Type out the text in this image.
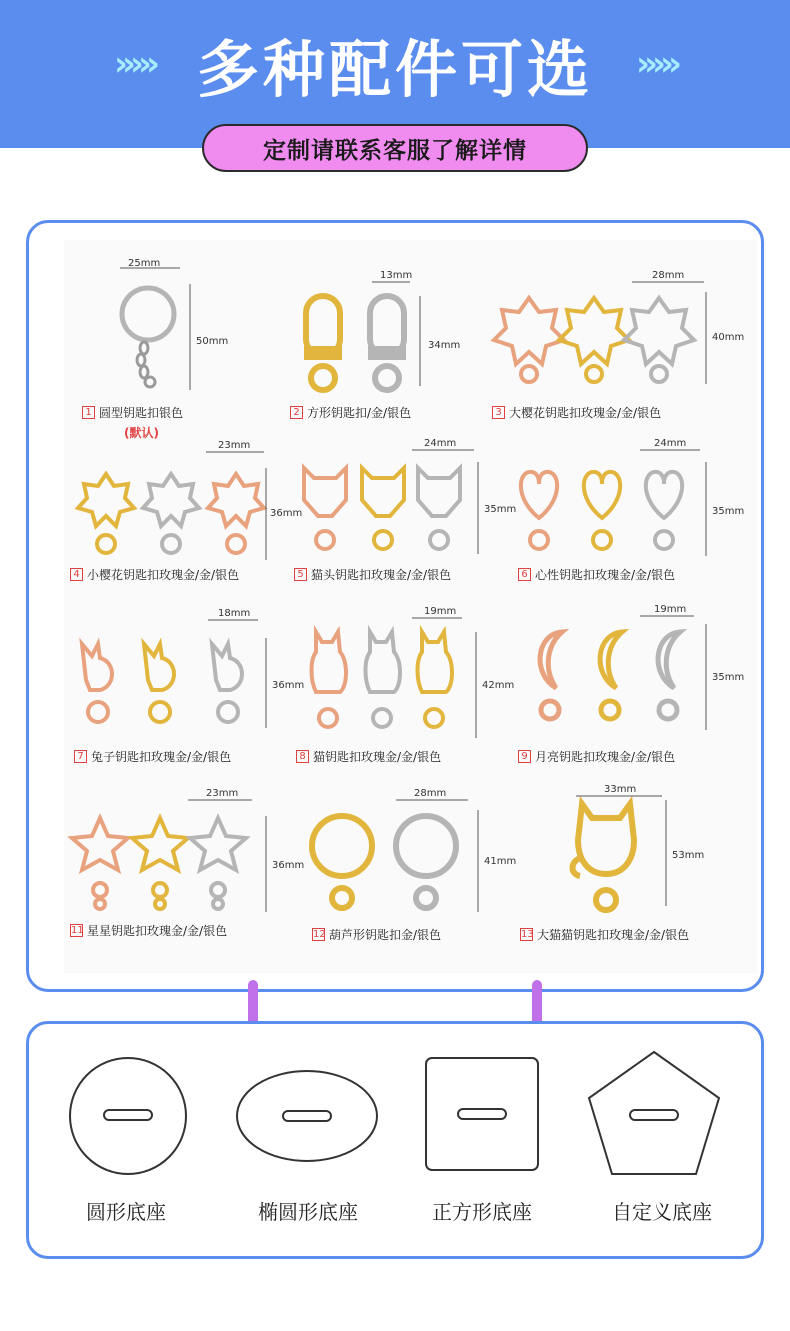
››››› 多种配件可选	›››››
定制请联系客服了解详情
25mm
50mm
1 圆型钥匙扣银色
(默认)
13mm
34mm
2 方形钥匙扣/金/银色
28mm
40mm
3 大樱花钥匙扣玫瑰金/金/银色
23mm
36mm
4 小樱花钥匙扣玫瑰金/金/银色
24mm
35mm
5 猫头钥匙扣玫瑰金/金/银色
24mm
35mm
6 心性钥匙扣玫瑰金/金/银色
18mm
36mm
7 兔子钥匙扣玫瑰金/金/银色
19mm
42mm
8 猫钥匙扣玫瑰金/金/银色
19mm
35mm
9 月亮钥匙扣玫瑰金/金/银色
23mm
36mm
11 星星钥匙扣玫瑰金/金/银色
28mm
41mm
12 葫芦形钥匙扣金/银色
33mm
53mm
13 大猫猫钥匙扣玫瑰金/金/银色
圆形底座	椭圆形底座	正方形底座	自定义底座
